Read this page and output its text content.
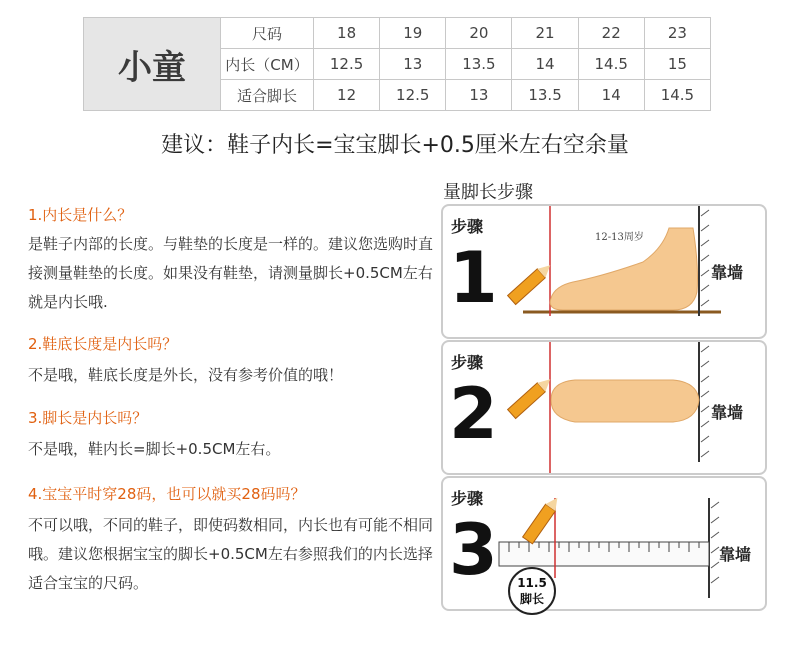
小童	尺码	18	19	20	21	22	23
	内长（CM）	12.5	13	13.5	14	14.5	15
	适合脚长	12	12.5	13	13.5	14	14.5
建议：鞋子内长=宝宝脚长+0.5厘米左右空余量

1.内长是什么？

是鞋子内部的长度。与鞋垫的长度是一样的。建议您选购时直接测量鞋垫的长度。如果没有鞋垫，请测量脚长+0.5CM左右就是内长哦.

2.鞋底长度是内长吗？

不是哦，鞋底长度是外长，没有参考价值的哦！

3.脚长是内长吗？

不是哦，鞋内长=脚长+0.5CM左右。

4.宝宝平时穿28码，也可以就买28码吗？

不可以哦，不同的鞋子，即使码数相同，内长也有可能不相同哦。建议您根据宝宝的脚长+0.5CM左右参照我们的内长选择适合宝宝的尺码。

量脚长步骤
步骤
1	12-13周岁
靠墙
步骤
2	靠墙
步骤
3	靠墙
11.5
脚长
